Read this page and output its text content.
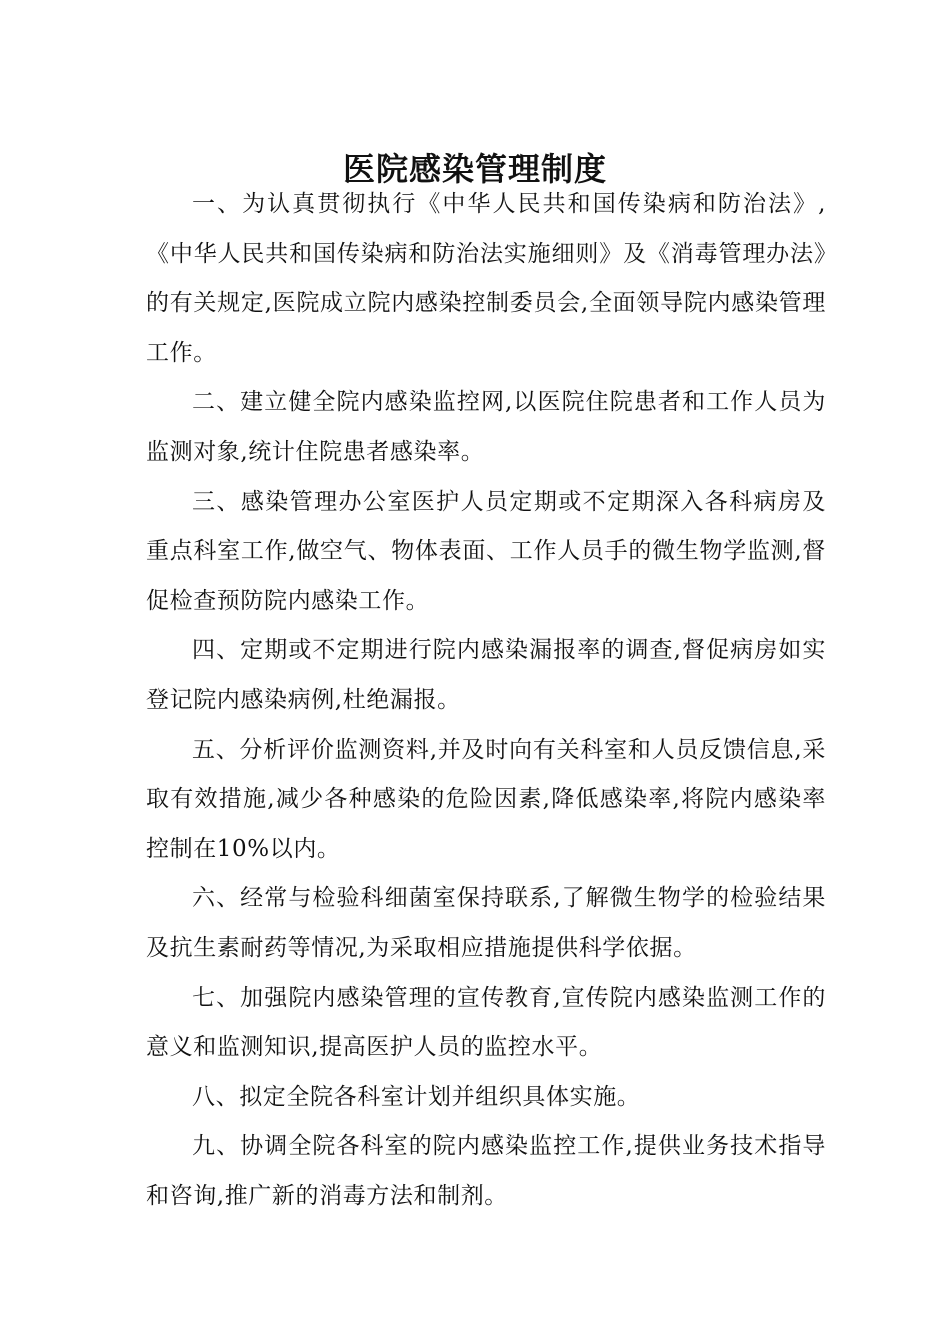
医院感染管理制度

一、为认真贯彻执行《中华人民共和国传染病和防治法》,《中华人民共和国传染病和防治法实施细则》及《消毒管理办法》的有关规定,医院成立院内感染控制委员会,全面领导院内感染管理工作。

二、建立健全院内感染监控网,以医院住院患者和工作人员为监测对象,统计住院患者感染率。

三、感染管理办公室医护人员定期或不定期深入各科病房及重点科室工作,做空气、物体表面、工作人员手的微生物学监测,督促检查预防院内感染工作。

四、定期或不定期进行院内感染漏报率的调查,督促病房如实登记院内感染病例,杜绝漏报。

五、分析评价监测资料,并及时向有关科室和人员反馈信息,采取有效措施,减少各种感染的危险因素,降低感染率,将院内感染率控制在10%以内。

六、经常与检验科细菌室保持联系,了解微生物学的检验结果及抗生素耐药等情况,为采取相应措施提供科学依据。

七、加强院内感染管理的宣传教育,宣传院内感染监测工作的意义和监测知识,提高医护人员的监控水平。

八、拟定全院各科室计划并组织具体实施。

九、协调全院各科室的院内感染监控工作,提供业务技术指导和咨询,推广新的消毒方法和制剂。
